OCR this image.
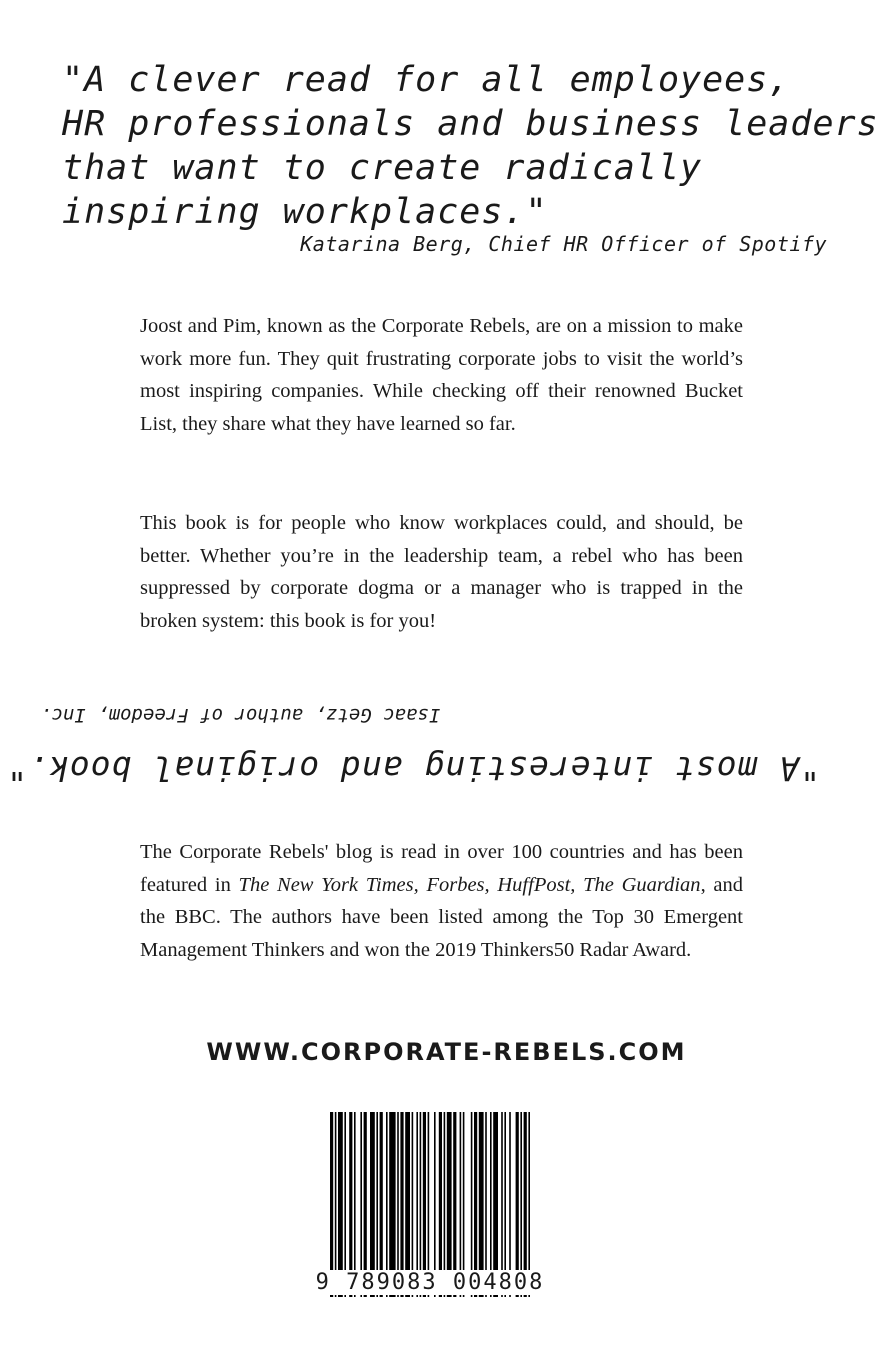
"A clever read for all employees,

HR professionals and business leaders

that want to create radically

inspiring workplaces."

Katarina Berg, Chief HR Officer of Spotify

Joost and Pim, known as the Corporate Rebels, are on a mission to make work more fun. They quit frustrating corporate jobs to visit the world’s most inspiring companies. While checking off their renowned Bucket List, they share what they have learned so far.

This book is for people who know workplaces could, and should, be better. Whether you’re in the leadership team, a rebel who has been suppressed by corporate dogma or a manager who is trapped in the broken system: this book is for you!

"A most interesting and original book."
Isaac Getz, author of Freedom, Inc.

The Corporate Rebels' blog is read in over 100 countries and has been featured in The New York Times, Forbes, HuffPost, The Guardian, and the BBC. The authors have been listed among the Top 30 Emergent Management Thinkers and won the 2019 Thinkers50 Radar Award.

WWW.CORPORATE-REBELS.COM
9 789083 004808
